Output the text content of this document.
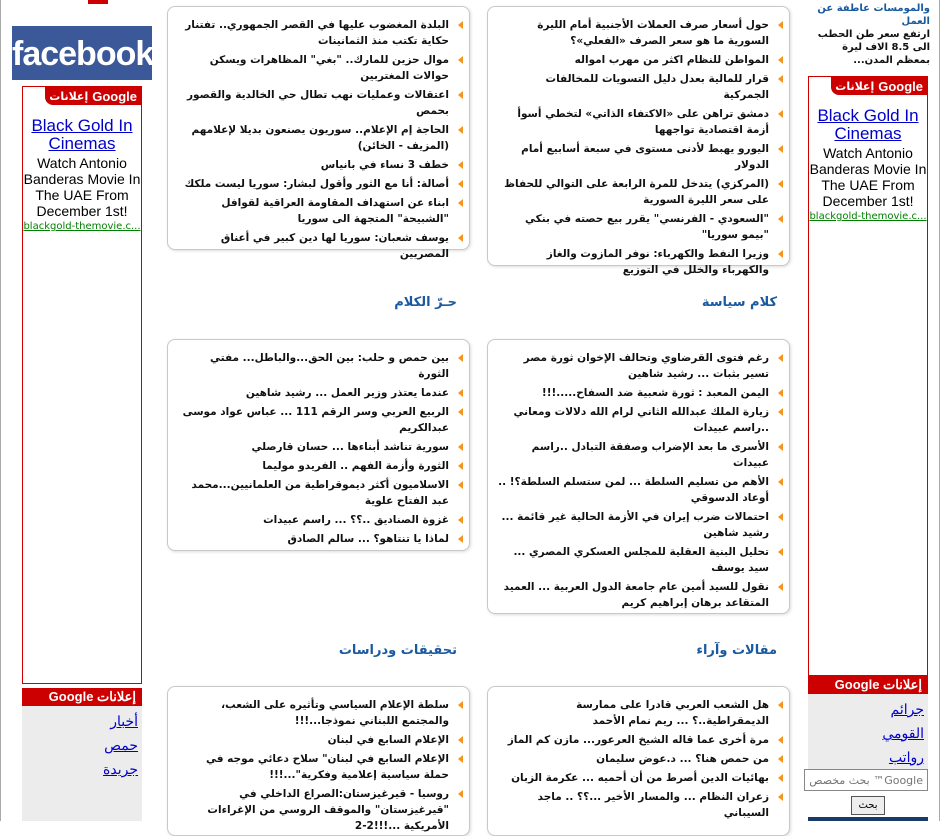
facebook
إعلانات Google
Black Gold In Cinemas
Watch Antonio Banderas Movie In The UAE From December 1st!
blackgold-themovie.c...
إعلانات Google
أخبار
حمص
جريدة
والمومسات عاطفة عن العمل
ارتفع سعر طن الحطب الى 8.5 الاف ليرة بمعظم المدن...
إعلانات Google
Black Gold In Cinemas
Watch Antonio Banderas Movie In The UAE From December 1st!
blackgold-themovie.c...
إعلانات Google
جرائم
القومي
رواتب
Google™ بحث مخصص
بحث
حول أسعار صرف العملات الأجنبية أمام الليرة السورية ما هو سعر الصرف «الفعلي»؟
المواطن للنظام اكثر من مهرب امواله
قرار للمالية بعدل دليل التسويات للمخالفات الجمركية
دمشق تراهن على «الاكتفاء الذاتي» لتخطي أسوأ أزمة اقتصادية تواجهها
اليورو يهبط لأدنى مستوى في سبعة أسابيع أمام الدولار
(المركزي) يتدخل للمرة الرابعة على التوالي للحفاظ على سعر الليرة السورية
"السعودي - الفرنسي" يقرر بيع حصته في بنكي "بيمو سوريا"
وزيرا النفط والكهرباء: نوفر المازوت والغاز والكهرباء والخلل في التوزيع
البلدة المغضوب عليها في القصر الجمهوري.. تفتنار حكاية تكتب منذ الثمانينات
موال حزين للمارك.. "بغي" المظاهرات ويسكن حوالات المغتربين
اعتقالات وعمليات نهب تطال حي الخالدية والقصور بحمص
الحاجة إم الإعلام.. سوريون يصنعون بديلا لإعلامهم (المزيف - الخائن)
خطف 3 نساء في بانياس
أصالة: أنا مع الثور وأقول لبشار: سوريا ليست ملكك
ابناء عن استهداف المقاومة العراقية لقوافل "الشبيحة" المتجهة الى سوريا
يوسف شعبان: سوريا لها دين كبير في أعناق المصريين
كلام سياسة
حـرّ الكلام
رغم فتوى القرضاوي وتحالف الإخوان ثورة مصر تسير بثبات ... رشيد شاهين
اليمن المعبد : ثورة شعبية ضد السفاح.....!!!
زيارة الملك عبدالله الثاني لرام الله دلالات ومعاني ..راسم عبيدات
الأسرى ما بعد الإضراب وصفقة التبادل ..راسم عبيدات
الأهم من تسليم السلطة ... لمن ستسلم السلطة؟! .. أوعاد الدسوقي
احتمالات ضرب إيران في الأزمة الحالية غير قائمة ... رشيد شاهين
تحليل البنية العقلية للمجلس العسكري المصري ... سيد يوسف
نقول للسيد أمين عام جامعة الدول العربية ... العميد المتقاعد برهان إبراهيم كريم
بين حمص و حلب: بين الحق...والباطل... مفتي الثورة
عندما يعتذر وزير العمل ... رشيد شاهين
الربيع العربي وسر الرقم 111 ... عباس عواد موسى عبدالكريم
سورية تناشد أبناءها ... حسان قارصلي
الثورة وأزمة الفهم .. الفريدو موليما
الاسلاميون أكثر ديموقراطية من العلمانيين...محمد عبد الفتاح علوية
غزوة الصناديق ..؟؟ ... راسم عبيدات
لماذا يا تنتاهو؟ ... سالم الصادق
مقالات وآراء
تحقيقات ودراسات
هل الشعب العربي قادرا على ممارسة الديمقراطية..؟ ... ريم نمام الأحمد
مرة أخرى عما قاله الشيخ العرعور... مازن كم الماز
من حمص هنا؟ ... د.عوض سليمان
بهائيات الدين أصرط من أن أحميه ... عكرمة الزبان
زعران النظام ... والمسار الأخير ...؟؟ .. ماجد السيباني
سلطة الإعلام السياسي وتأثيره على الشعب، والمجتمع اللبناني نموذجا...!!!
الإعلام السابع في لبنان
الإعلام السابع في لبنان" سلاح دعائي موجه في حملة سياسية إعلامية وفكرية"...!!!
روسيا - قيرغيزستان:الصراع الداخلي في "قيرغيزستان" والموقف الروسي من الإغراءات الأمريكية ...!!!2-2
